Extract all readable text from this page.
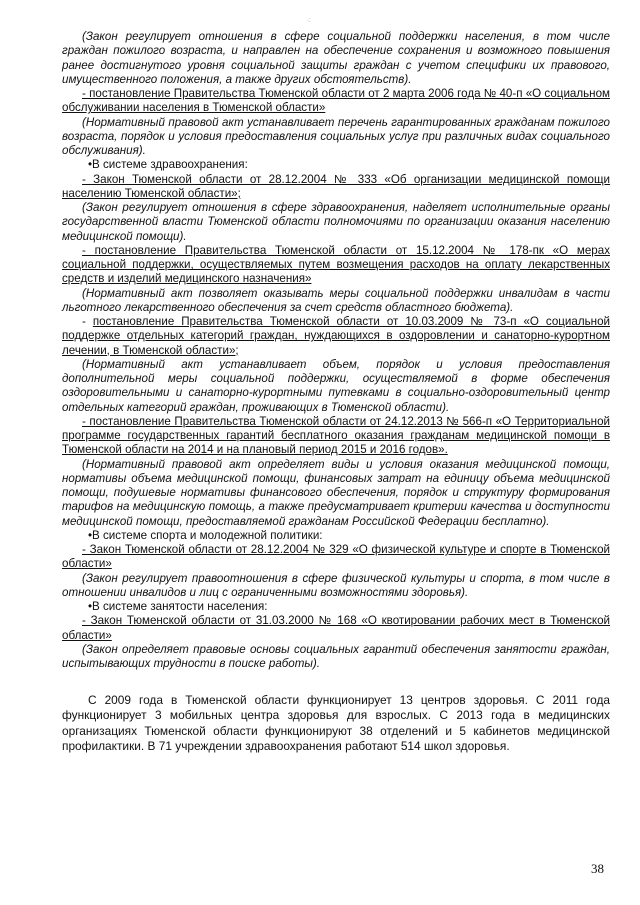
·:

(Закон регулирует отношения в сфере социальной поддержки населения, в том числе граждан пожилого возраста, и направлен на обеспечение сохранения и возможного повышения ранее достигнутого уровня социальной защиты граждан с учетом специфики их правового, имущественного положения, а также других обстоятельств).

- постановление Правительства Тюменской области от 2 марта 2006 года № 40-п «О социальном обслуживании населения в Тюменской области»

(Нормативный правовой акт устанавливает перечень гарантированных гражданам пожилого возраста, порядок и условия предоставления социальных услуг при различных видах социального обслуживания).

•В системе здравоохранения:

- Закон Тюменской области от 28.12.2004 № 333 «Об организации медицинской помощи населению Тюменской области»;

(Закон регулирует отношения в сфере здравоохранения, наделяет исполнительные органы государственной власти Тюменской области полномочиями по организации оказания населению медицинской помощи).

- постановление Правительства Тюменской области от 15.12.2004 № 178-пк «О мерах социальной поддержки, осуществляемых путем возмещения расходов на оплату лекарственных средств и изделий медицинского назначения»

(Нормативный акт позволяет оказывать меры социальной поддержки инвалидам в части льготного лекарственного обеспечения за счет средств областного бюджета).

- постановление Правительства Тюменской области от 10.03.2009 № 73-п «О социальной поддержке отдельных категорий граждан, нуждающихся в оздоровлении и санаторно-курортном лечении, в Тюменской области»;

(Нормативный акт устанавливает объем, порядок и условия предоставления дополнительной меры социальной поддержки, осуществляемой в форме обеспечения оздоровительными и санаторно-курортными путевками в социально-оздоровительный центр отдельных категорий граждан, проживающих в Тюменской области).

- постановление Правительства Тюменской области от 24.12.2013 № 566-п «О Территориальной программе государственных гарантий бесплатного оказания гражданам медицинской помощи в Тюменской области на 2014 и на плановый период 2015 и 2016 годов».

(Нормативный правовой акт определяет виды и условия оказания медицинской помощи, нормативы объема медицинской помощи, финансовых затрат на единицу объема медицинской помощи, подушевые нормативы финансового обеспечения, порядок и структуру формирования тарифов на медицинскую помощь, а также предусматривает критерии качества и доступности медицинской помощи, предоставляемой гражданам Российской Федерации бесплатно).

•В системе спорта и молодежной политики:

- Закон Тюменской области от 28.12.2004 № 329 «О физической культуре и спорте в Тюменской области»

(Закон регулирует правоотношения в сфере физической культуры и спорта, в том числе в отношении инвалидов и лиц с ограниченными возможностями здоровья).

•В системе занятости населения:

- Закон Тюменской области от 31.03.2000 № 168 «О квотировании рабочих мест в Тюменской области»

(Закон определяет правовые основы социальных гарантий обеспечения занятости граждан, испытывающих трудности в поиске работы).

С 2009 года в Тюменской области функционирует 13 центров здоровья. С 2011 года функционирует 3 мобильных центра здоровья для взрослых. С 2013 года в медицинских организациях Тюменской области функционируют 38 отделений и 5 кабинетов медицинской профилактики. В 71 учреждении здравоохранения работают 514 школ здоровья.

38
